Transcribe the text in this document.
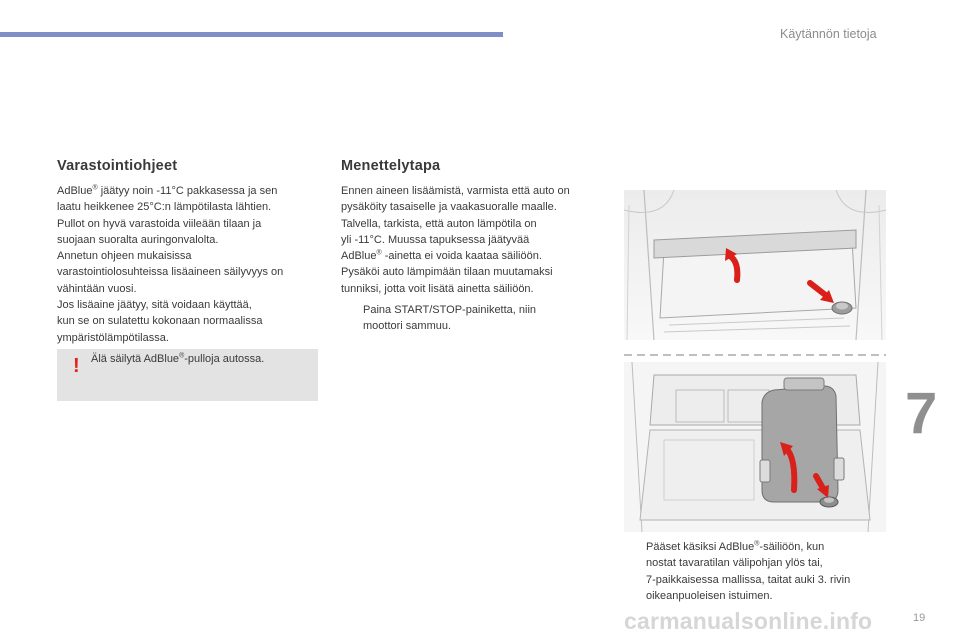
Käytännön tietoja
Varastointiohjeet

AdBlue® jäätyy noin -11°C pakkasessa ja sen

laatu heikkenee 25°C:n lämpötilasta lähtien.

Pullot on hyvä varastoida viileään tilaan ja

suojaan suoralta auringonvalolta.

Annetun ohjeen mukaisissa

varastointiolosuhteissa lisäaineen säilyvyys on

vähintään vuosi.

Jos lisäaine jäätyy, sitä voidaan käyttää,

kun se on sulatettu kokonaan normaalissa

ympäristölämpötilassa.

! Älä säilytä AdBlue®-pulloja autossa.
Menettelytapa

Ennen aineen lisäämistä, varmista että auto on

pysäköity tasaiselle ja vaakasuoralle maalle.

Talvella, tarkista, että auton lämpötila on

yli -11°C. Muussa tapuksessa jäätyvää

AdBlue® -ainetta ei voida kaataa säiliöön.

Pysäköi auto lämpimään tilaan muutamaksi

tunniksi, jotta voit lisätä ainetta säiliöön.

Paina START/STOP-painiketta, niin
moottori sammuu.
Pääset käsiksi AdBlue®-säiliöön, kun
nostat tavaratilan välipohjan ylös tai,
7-paikkaisessa mallissa, taitat auki 3. rivin
oikeanpuoleisen istuimen.
7
carmanualsonline.info	19
